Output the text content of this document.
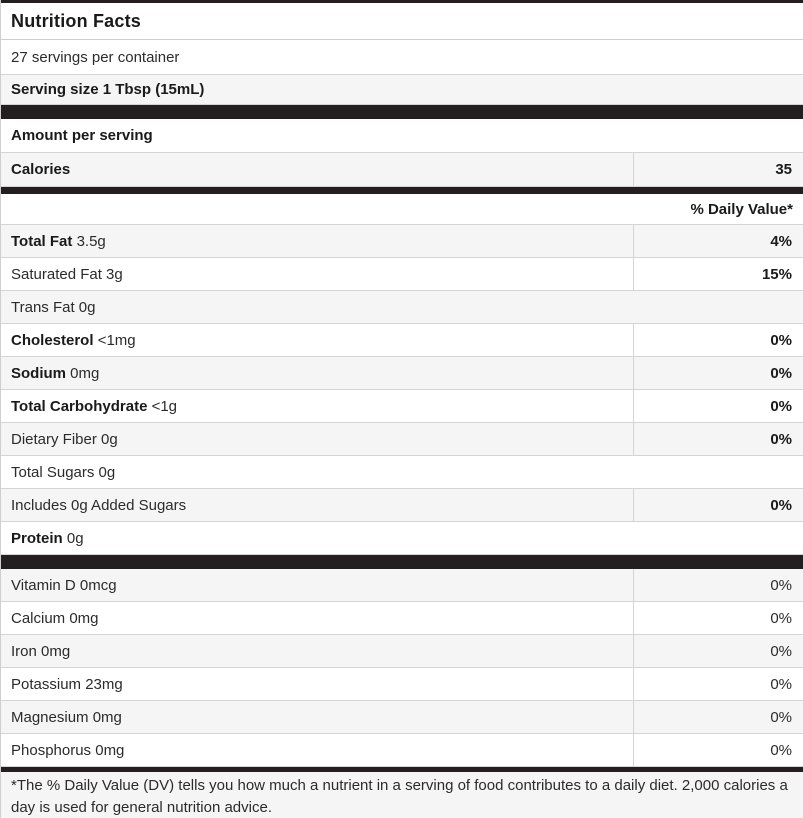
Nutrition Facts
27 servings per container
Serving size 1 Tbsp (15mL)
Amount per serving
Calories	35
% Daily Value*
Total Fat 3.5g	4%
Saturated Fat 3g	15%
Trans Fat 0g
Cholesterol <1mg	0%
Sodium 0mg	0%
Total Carbohydrate <1g	0%
Dietary Fiber 0g	0%
Total Sugars 0g
Includes 0g Added Sugars	0%
Protein 0g
Vitamin D 0mcg	0%
Calcium 0mg	0%
Iron 0mg	0%
Potassium 23mg	0%
Magnesium 0mg	0%
Phosphorus 0mg	0%
*The % Daily Value (DV) tells you how much a nutrient in a serving of food contributes to a daily diet. 2,000 calories a day is used for general nutrition advice.
